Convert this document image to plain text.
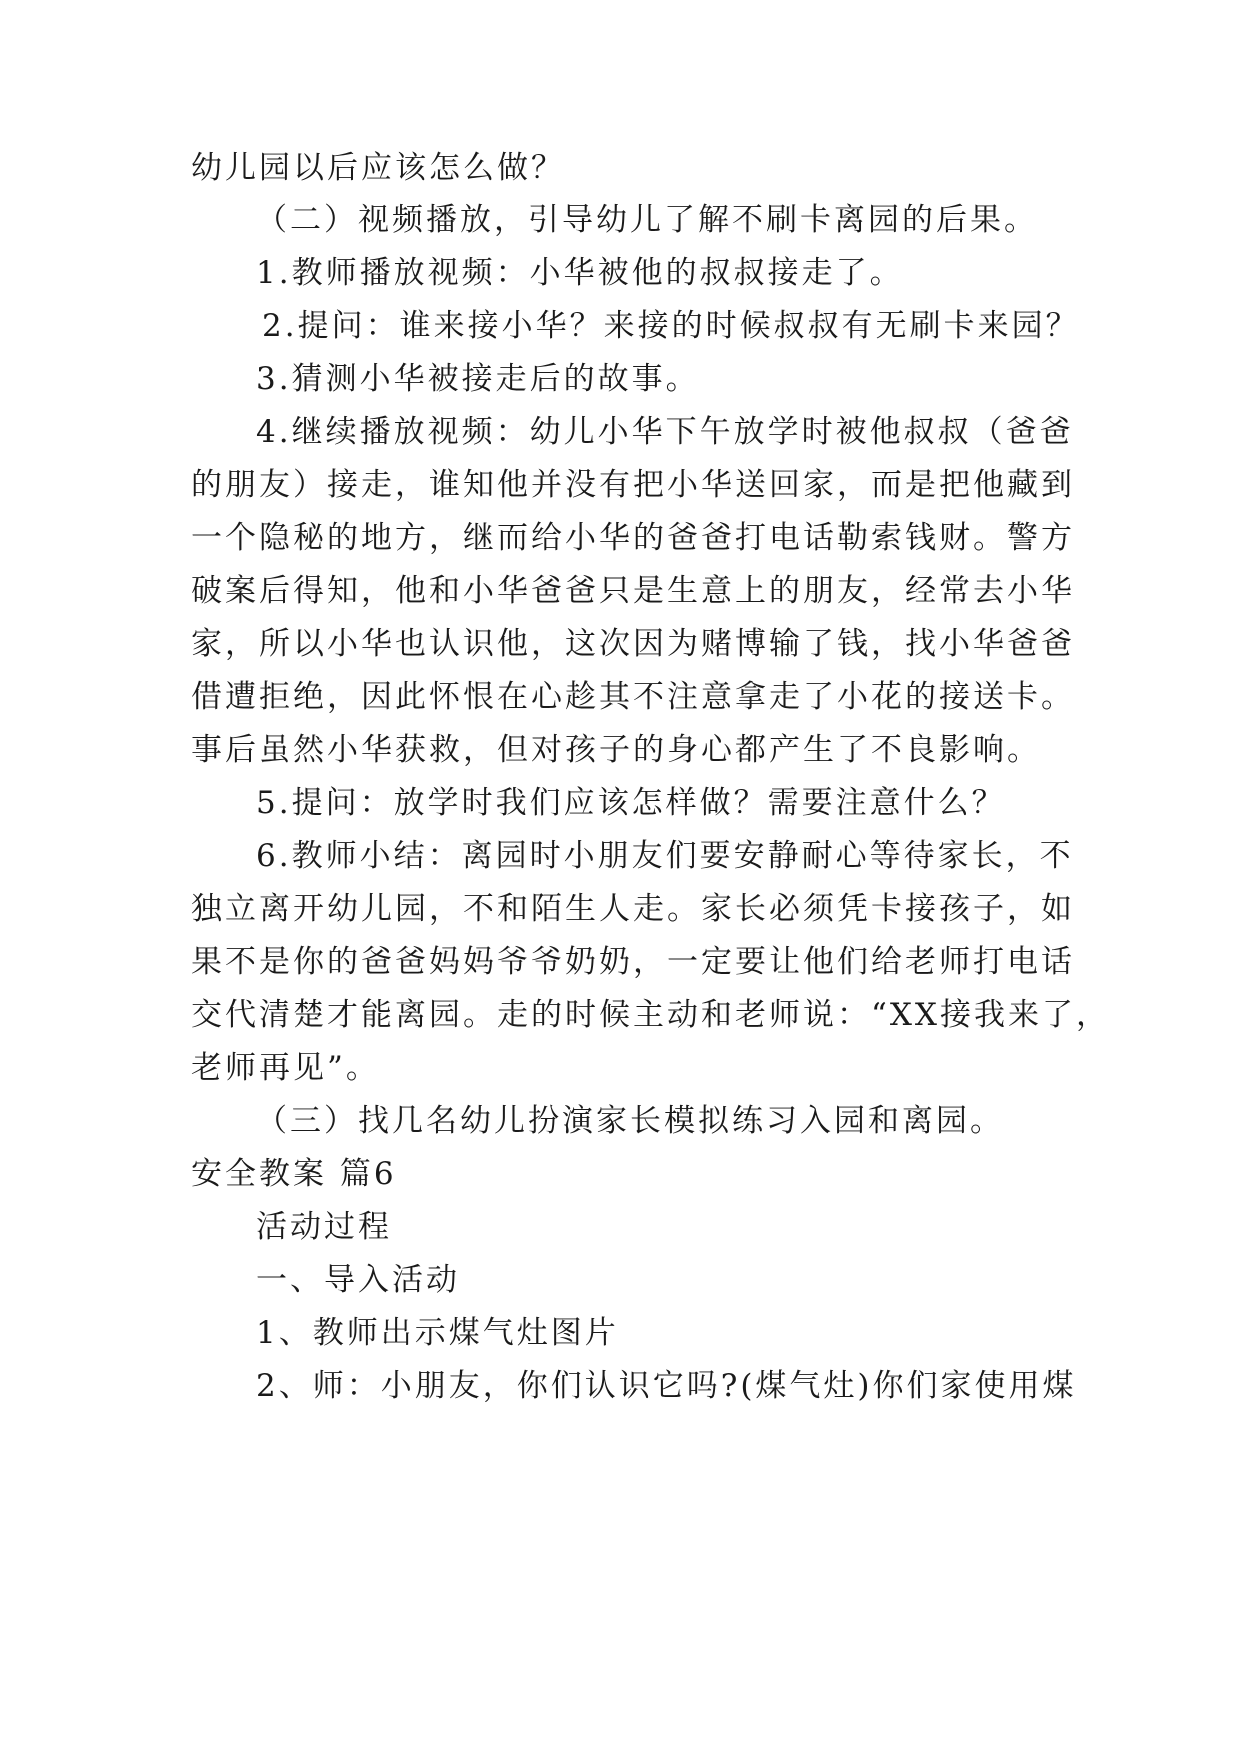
幼儿园以后应该怎么做？
（二）视频播放，引导幼儿了解不刷卡离园的后果。
1.教师播放视频：小华被他的叔叔接走了。
2.提问：谁来接小华？来接的时候叔叔有无刷卡来园？
3.猜测小华被接走后的故事。
4.继续播放视频：幼儿小华下午放学时被他叔叔（爸爸
的朋友）接走，谁知他并没有把小华送回家，而是把他藏到
一个隐秘的地方，继而给小华的爸爸打电话勒索钱财。警方
破案后得知，他和小华爸爸只是生意上的朋友，经常去小华
家，所以小华也认识他，这次因为赌博输了钱，找小华爸爸
借遭拒绝，因此怀恨在心趁其不注意拿走了小花的接送卡。
事后虽然小华获救，但对孩子的身心都产生了不良影响。
5.提问：放学时我们应该怎样做？需要注意什么？
6.教师小结：离园时小朋友们要安静耐心等待家长，不
独立离开幼儿园，不和陌生人走。家长必须凭卡接孩子，如
果不是你的爸爸妈妈爷爷奶奶，一定要让他们给老师打电话
交代清楚才能离园。走的时候主动和老师说：“XX接我来了，
老师再见”。
（三）找几名幼儿扮演家长模拟练习入园和离园。
安全教案 篇6
活动过程
一、导入活动
1、教师出示煤气灶图片
2、师：小朋友，你们认识它吗?(煤气灶)你们家使用煤
